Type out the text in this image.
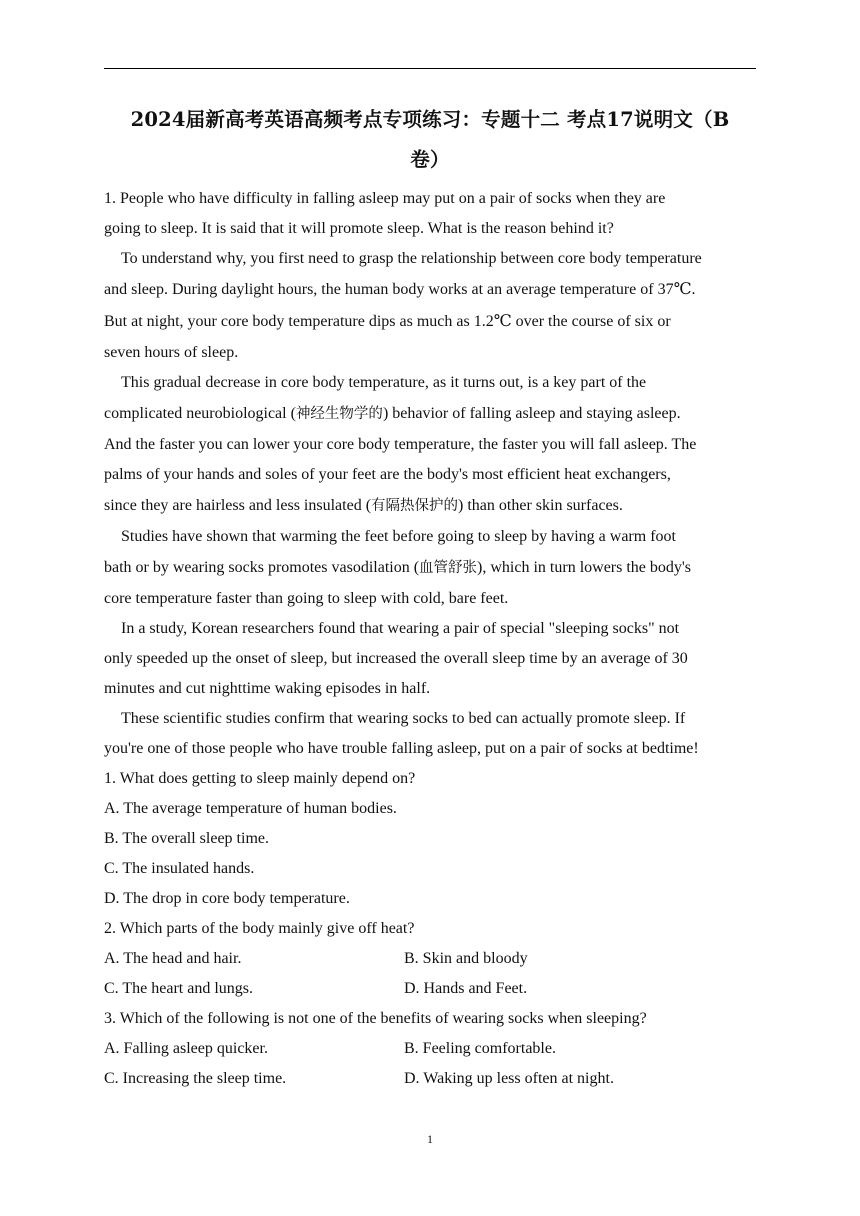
2024届新高考英语高频考点专项练习：专题十二 考点17说明文（B
卷）
1. People who have difficulty in falling asleep may put on a pair of socks when they are
going to sleep. It is said that it will promote sleep. What is the reason behind it?
To understand why, you first need to grasp the relationship between core body temperature
and sleep. During daylight hours, the human body works at an average temperature of 37℃.
But at night, your core body temperature dips as much as 1.2℃ over the course of six or
seven hours of sleep.
This gradual decrease in core body temperature, as it turns out, is a key part of the
complicated neurobiological (神经生物学的) behavior of falling asleep and staying asleep.
And the faster you can lower your core body temperature, the faster you will fall asleep. The
palms of your hands and soles of your feet are the body's most efficient heat exchangers,
since they are hairless and less insulated (有隔热保护的) than other skin surfaces.
Studies have shown that warming the feet before going to sleep by having a warm foot
bath or by wearing socks promotes vasodilation (血管舒张), which in turn lowers the body's
core temperature faster than going to sleep with cold, bare feet.
In a study, Korean researchers found that wearing a pair of special "sleeping socks" not
only speeded up the onset of sleep, but increased the overall sleep time by an average of 30
minutes and cut nighttime waking episodes in half.
These scientific studies confirm that wearing socks to bed can actually promote sleep. If
you're one of those people who have trouble falling asleep, put on a pair of socks at bedtime!
1. What does getting to sleep mainly depend on?
A. The average temperature of human bodies.
B. The overall sleep time.
C. The insulated hands.
D. The drop in core body temperature.
2. Which parts of the body mainly give off heat?
A. The head and hair.	B. Skin and bloody
C. The heart and lungs.	D. Hands and Feet.
3. Which of the following is not one of the benefits of wearing socks when sleeping?
A. Falling asleep quicker.	B. Feeling comfortable.
C. Increasing the sleep time.	D. Waking up less often at night.
1
